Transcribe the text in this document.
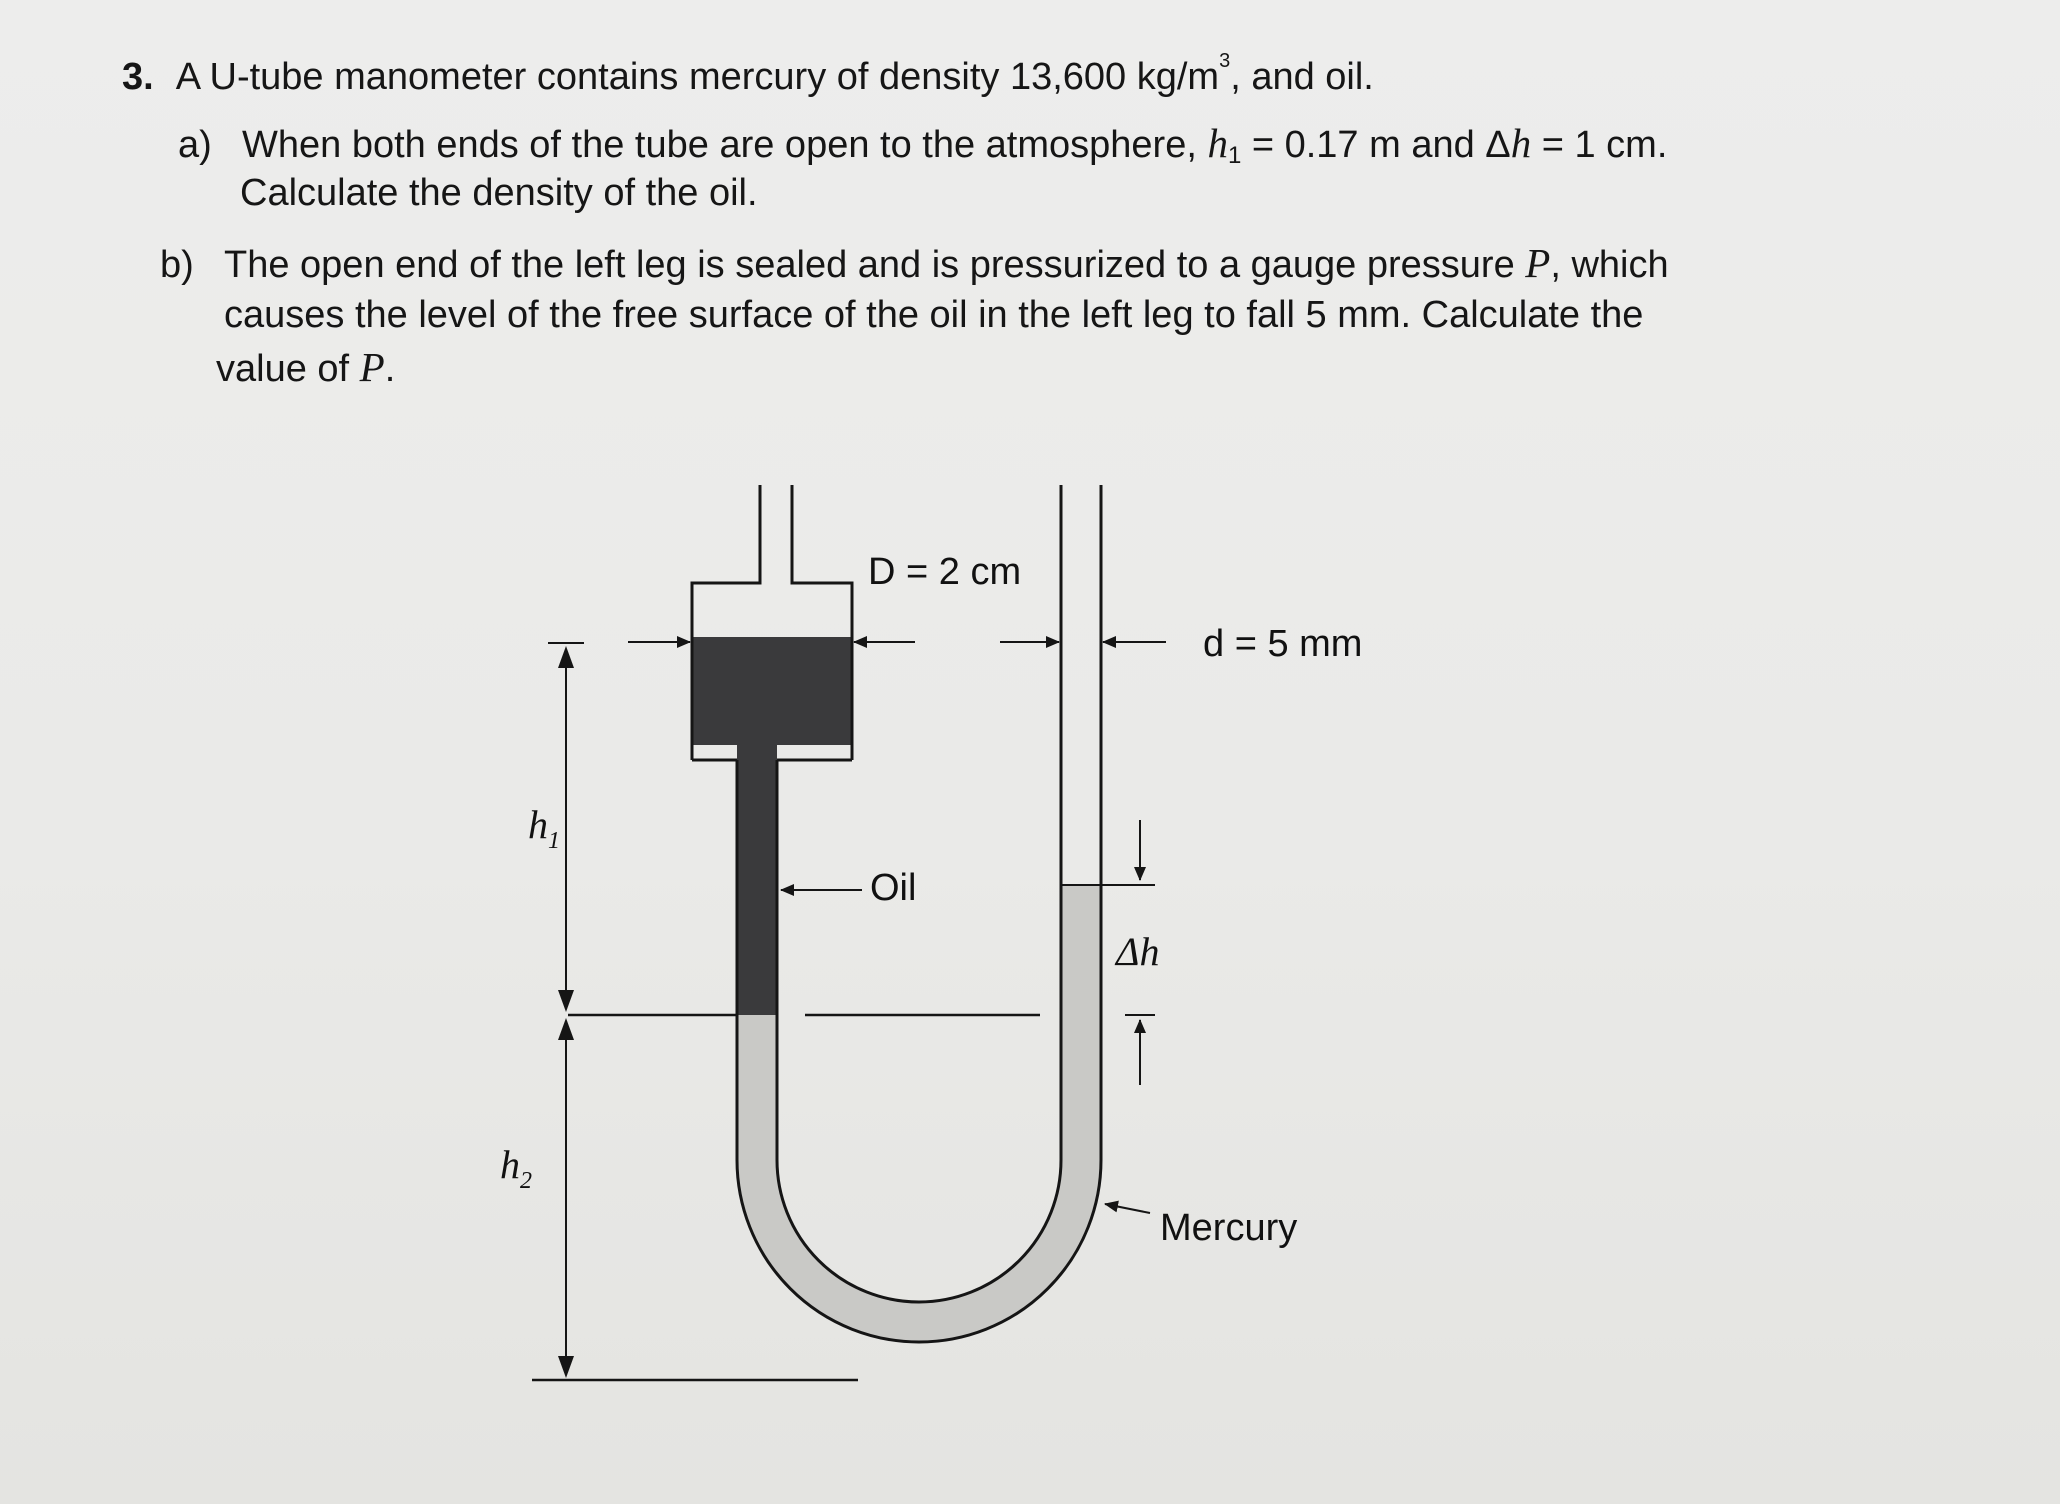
3. A U-tube manometer contains mercury of density 13,600 $kg/m^3$, and oil.
a) When both ends of the tube are open to the atmosphere, $h_1 = 0.17$ m and Δh = 1 cm.
Calculate the density of the oil.
b) The open end of the left leg is sealed and is pressurized to a gauge pressure P, which
causes the level of the free surface of the oil in the left leg to fall 5 mm. Calculate the
value of P.
D = 2 cm
d = 5 mm
Oil
Mercury
Δh
$h_1$
$h_2$
